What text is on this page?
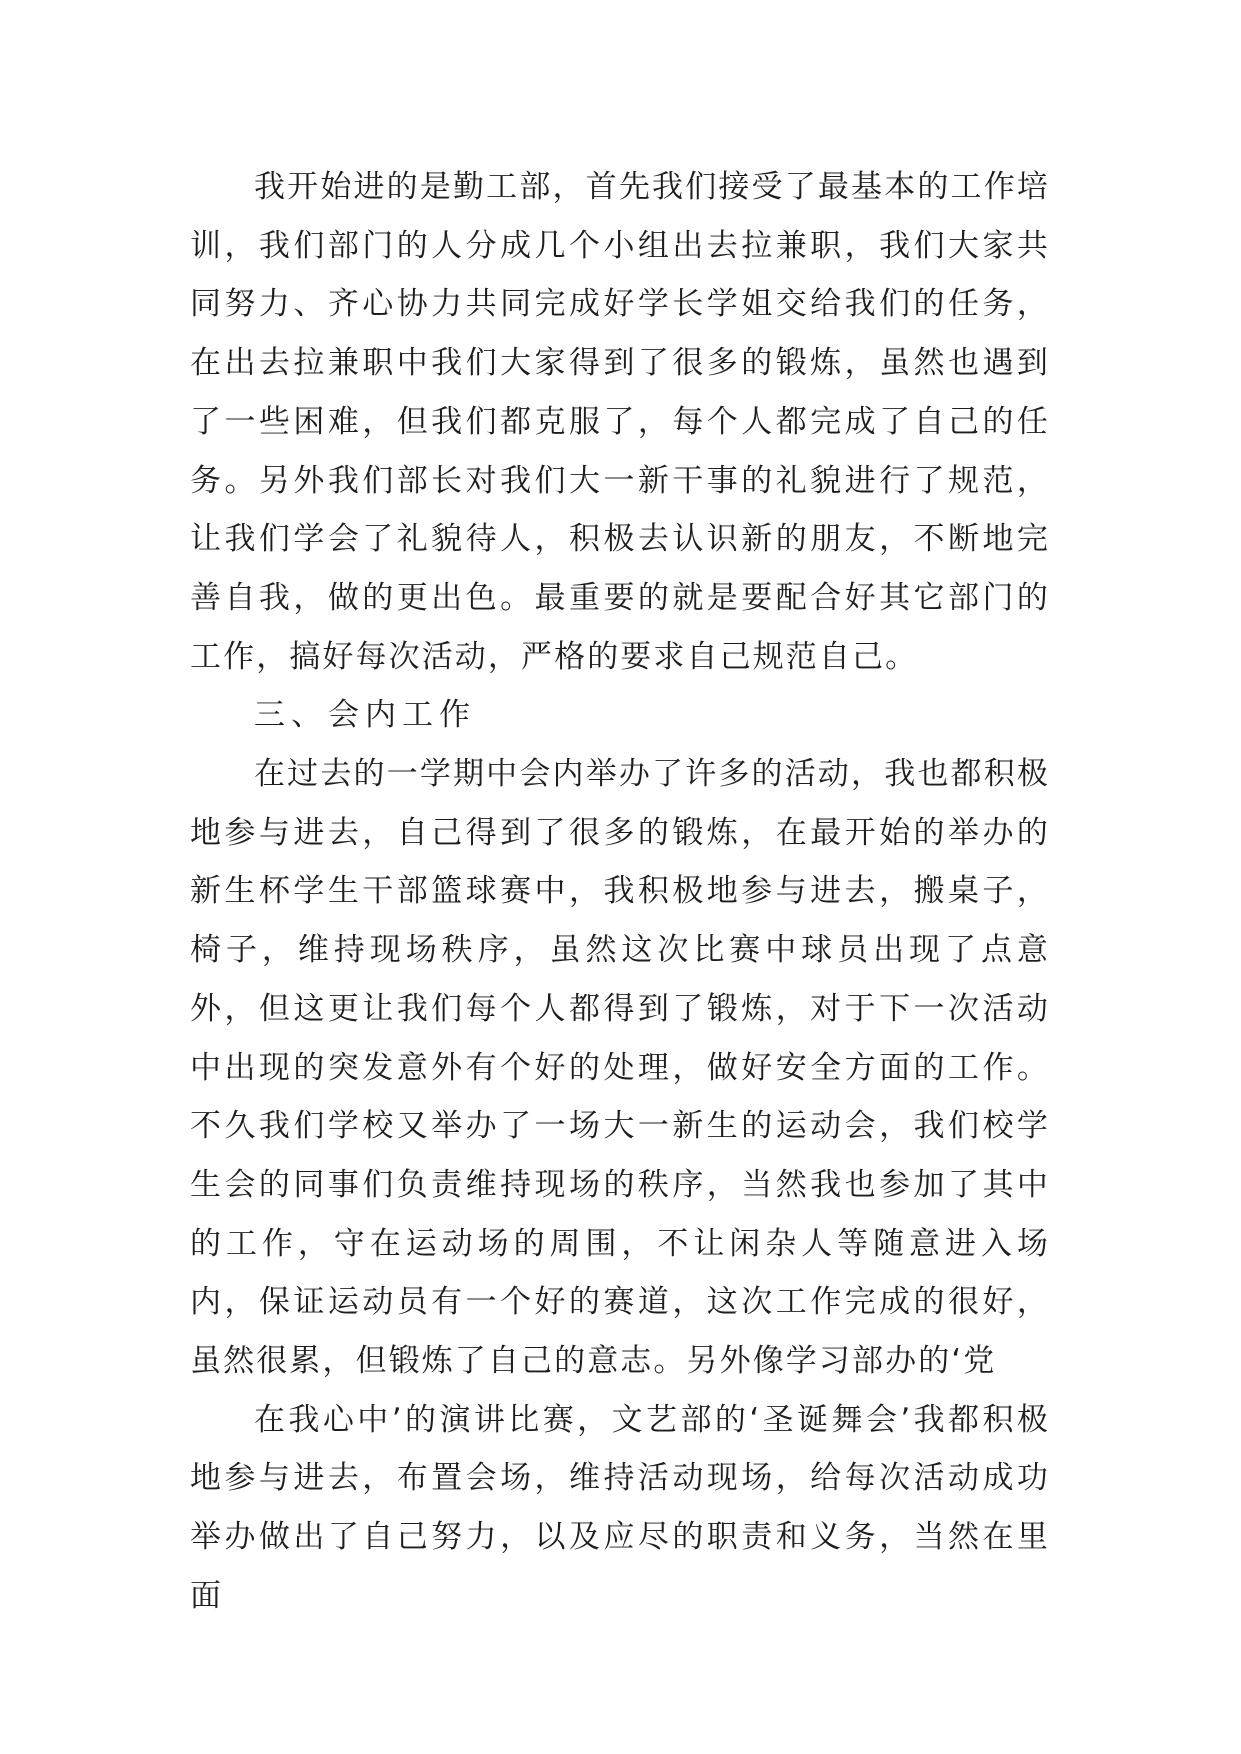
我开始进的是勤工部，首先我们接受了最基本的工作培训，我们部门的人分成几个小组出去拉兼职，我们大家共同努力、齐心协力共同完成好学长学姐交给我们的任务，在出去拉兼职中我们大家得到了很多的锻炼，虽然也遇到了一些困难，但我们都克服了，每个人都完成了自己的任务。另外我们部长对我们大一新干事的礼貌进行了规范，让我们学会了礼貌待人，积极去认识新的朋友，不断地完善自我，做的更出色。最重要的就是要配合好其它部门的工作，搞好每次活动，严格的要求自己规范自己。

三、会内工作

在过去的一学期中会内举办了许多的活动，我也都积极地参与进去，自己得到了很多的锻炼，在最开始的举办的新生杯学生干部篮球赛中，我积极地参与进去，搬桌子，椅子，维持现场秩序，虽然这次比赛中球员出现了点意外，但这更让我们每个人都得到了锻炼，对于下一次活动中出现的突发意外有个好的处理，做好安全方面的工作。不久我们学校又举办了一场大一新生的运动会，我们校学生会的同事们负责维持现场的秩序，当然我也参加了其中的工作，守在运动场的周围，不让闲杂人等随意进入场内，保证运动员有一个好的赛道，这次工作完成的很好，虽然很累，但锻炼了自己的意志。另外像学习部办的‘党

在我心中’的演讲比赛，文艺部的‘圣诞舞会’我都积极地参与进去，布置会场，维持活动现场，给每次活动成功举办做出了自己努力，以及应尽的职责和义务，当然在里面
